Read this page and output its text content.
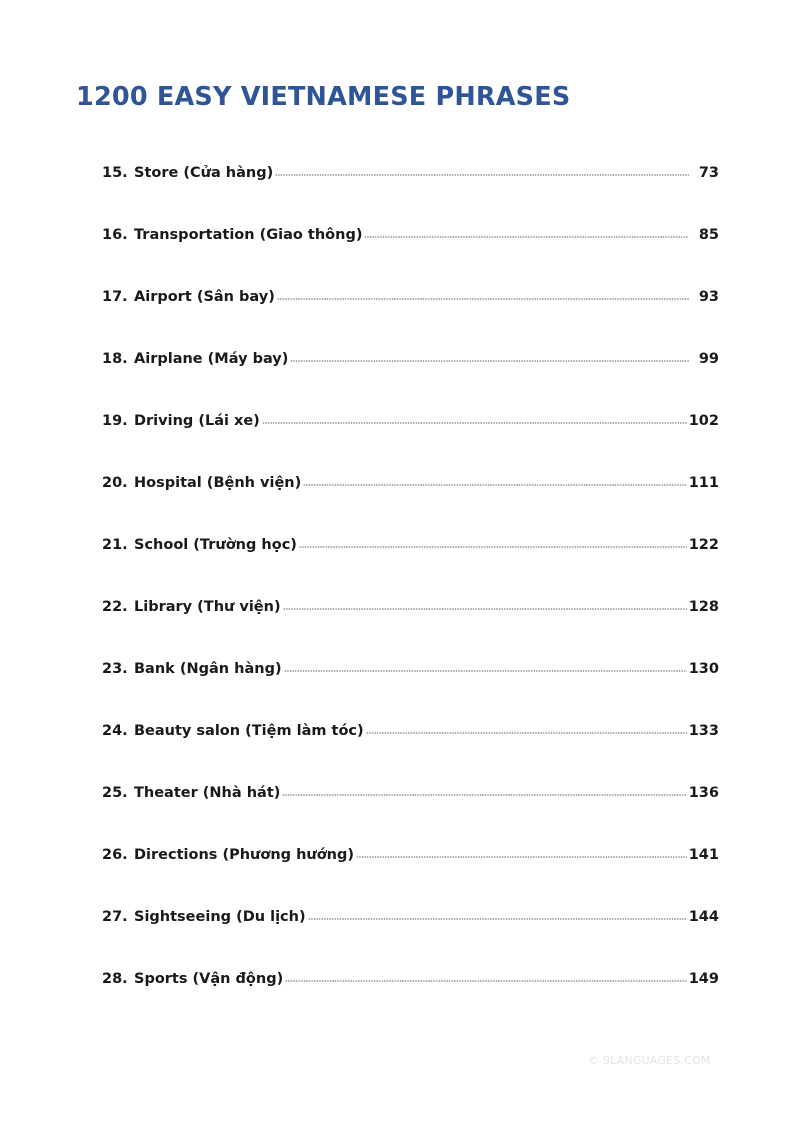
1200 EASY VIETNAMESE PHRASES
15. Store (Cửa hàng)	73
16. Transportation (Giao thông)	85
17. Airport (Sân bay)	93
18. Airplane (Máy bay)	99
19. Driving (Lái xe)	102
20. Hospital (Bệnh viện)	111
21. School (Trường học)	122
22. Library (Thư viện)	128
23. Bank (Ngân hàng)	130
24. Beauty salon (Tiệm làm tóc)	133
25. Theater (Nhà hát)	136
26. Directions (Phương hướng)	141
27. Sightseeing (Du lịch)	144
28. Sports (Vận động)	149
© 9LANGUAGES.COM
